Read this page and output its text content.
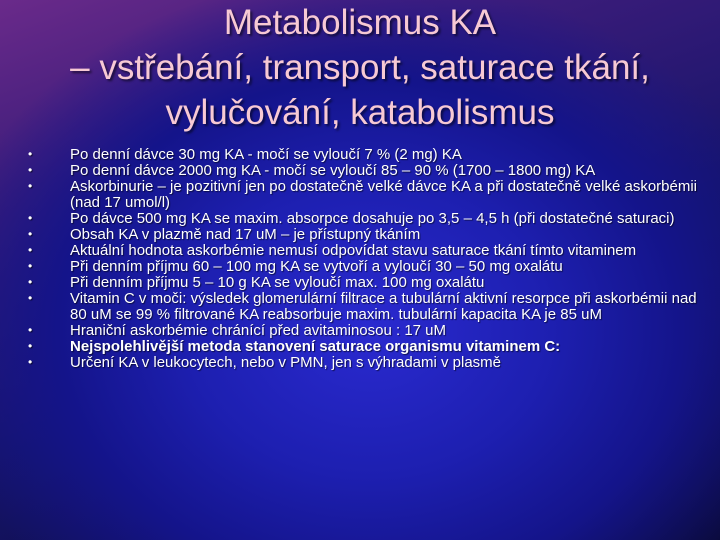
Metabolismus KA
– vstřebání, transport, saturace tkání,
vylučování, katabolismus
•	Po denní dávce 30 mg KA - močí se vyloučí 7 % (2 mg) KA
•	Po denní dávce 2000 mg KA - močí se vyloučí 85 – 90 % (1700 – 1800 mg) KA
•	Askorbinurie – je pozitivní jen po dostatečně velké dávce KA a při dostatečně velké askorbémii (nad 17 umol/l)
•	Po dávce 500 mg KA se maxim. absorpce dosahuje po 3,5 – 4,5 h (při dostatečné saturaci)
•	Obsah KA v plazmě nad 17 uM – je přístupný tkáním
•	Aktuální hodnota askorbémie nemusí odpovídat stavu saturace tkání tímto vitaminem
•	Při denním příjmu 60 – 100 mg KA se vytvoří a vyloučí 30 – 50 mg oxalátu
•	Při denním příjmu 5 – 10 g KA se vyloučí max. 100 mg oxalátu
•	Vitamin C v moči: výsledek glomerulární filtrace a tubulární aktivní resorpce při askorbémii nad 80 uM se 99 % filtrované KA reabsorbuje maxim. tubulární kapacita KA je 85 uM
•	Hraniční askorbémie chránící před avitaminosou : 17 uM
•	Nejspolehlivější metoda stanovení saturace organismu vitaminem C:
•	Určení KA v leukocytech, nebo v PMN, jen s výhradami v plasmě
